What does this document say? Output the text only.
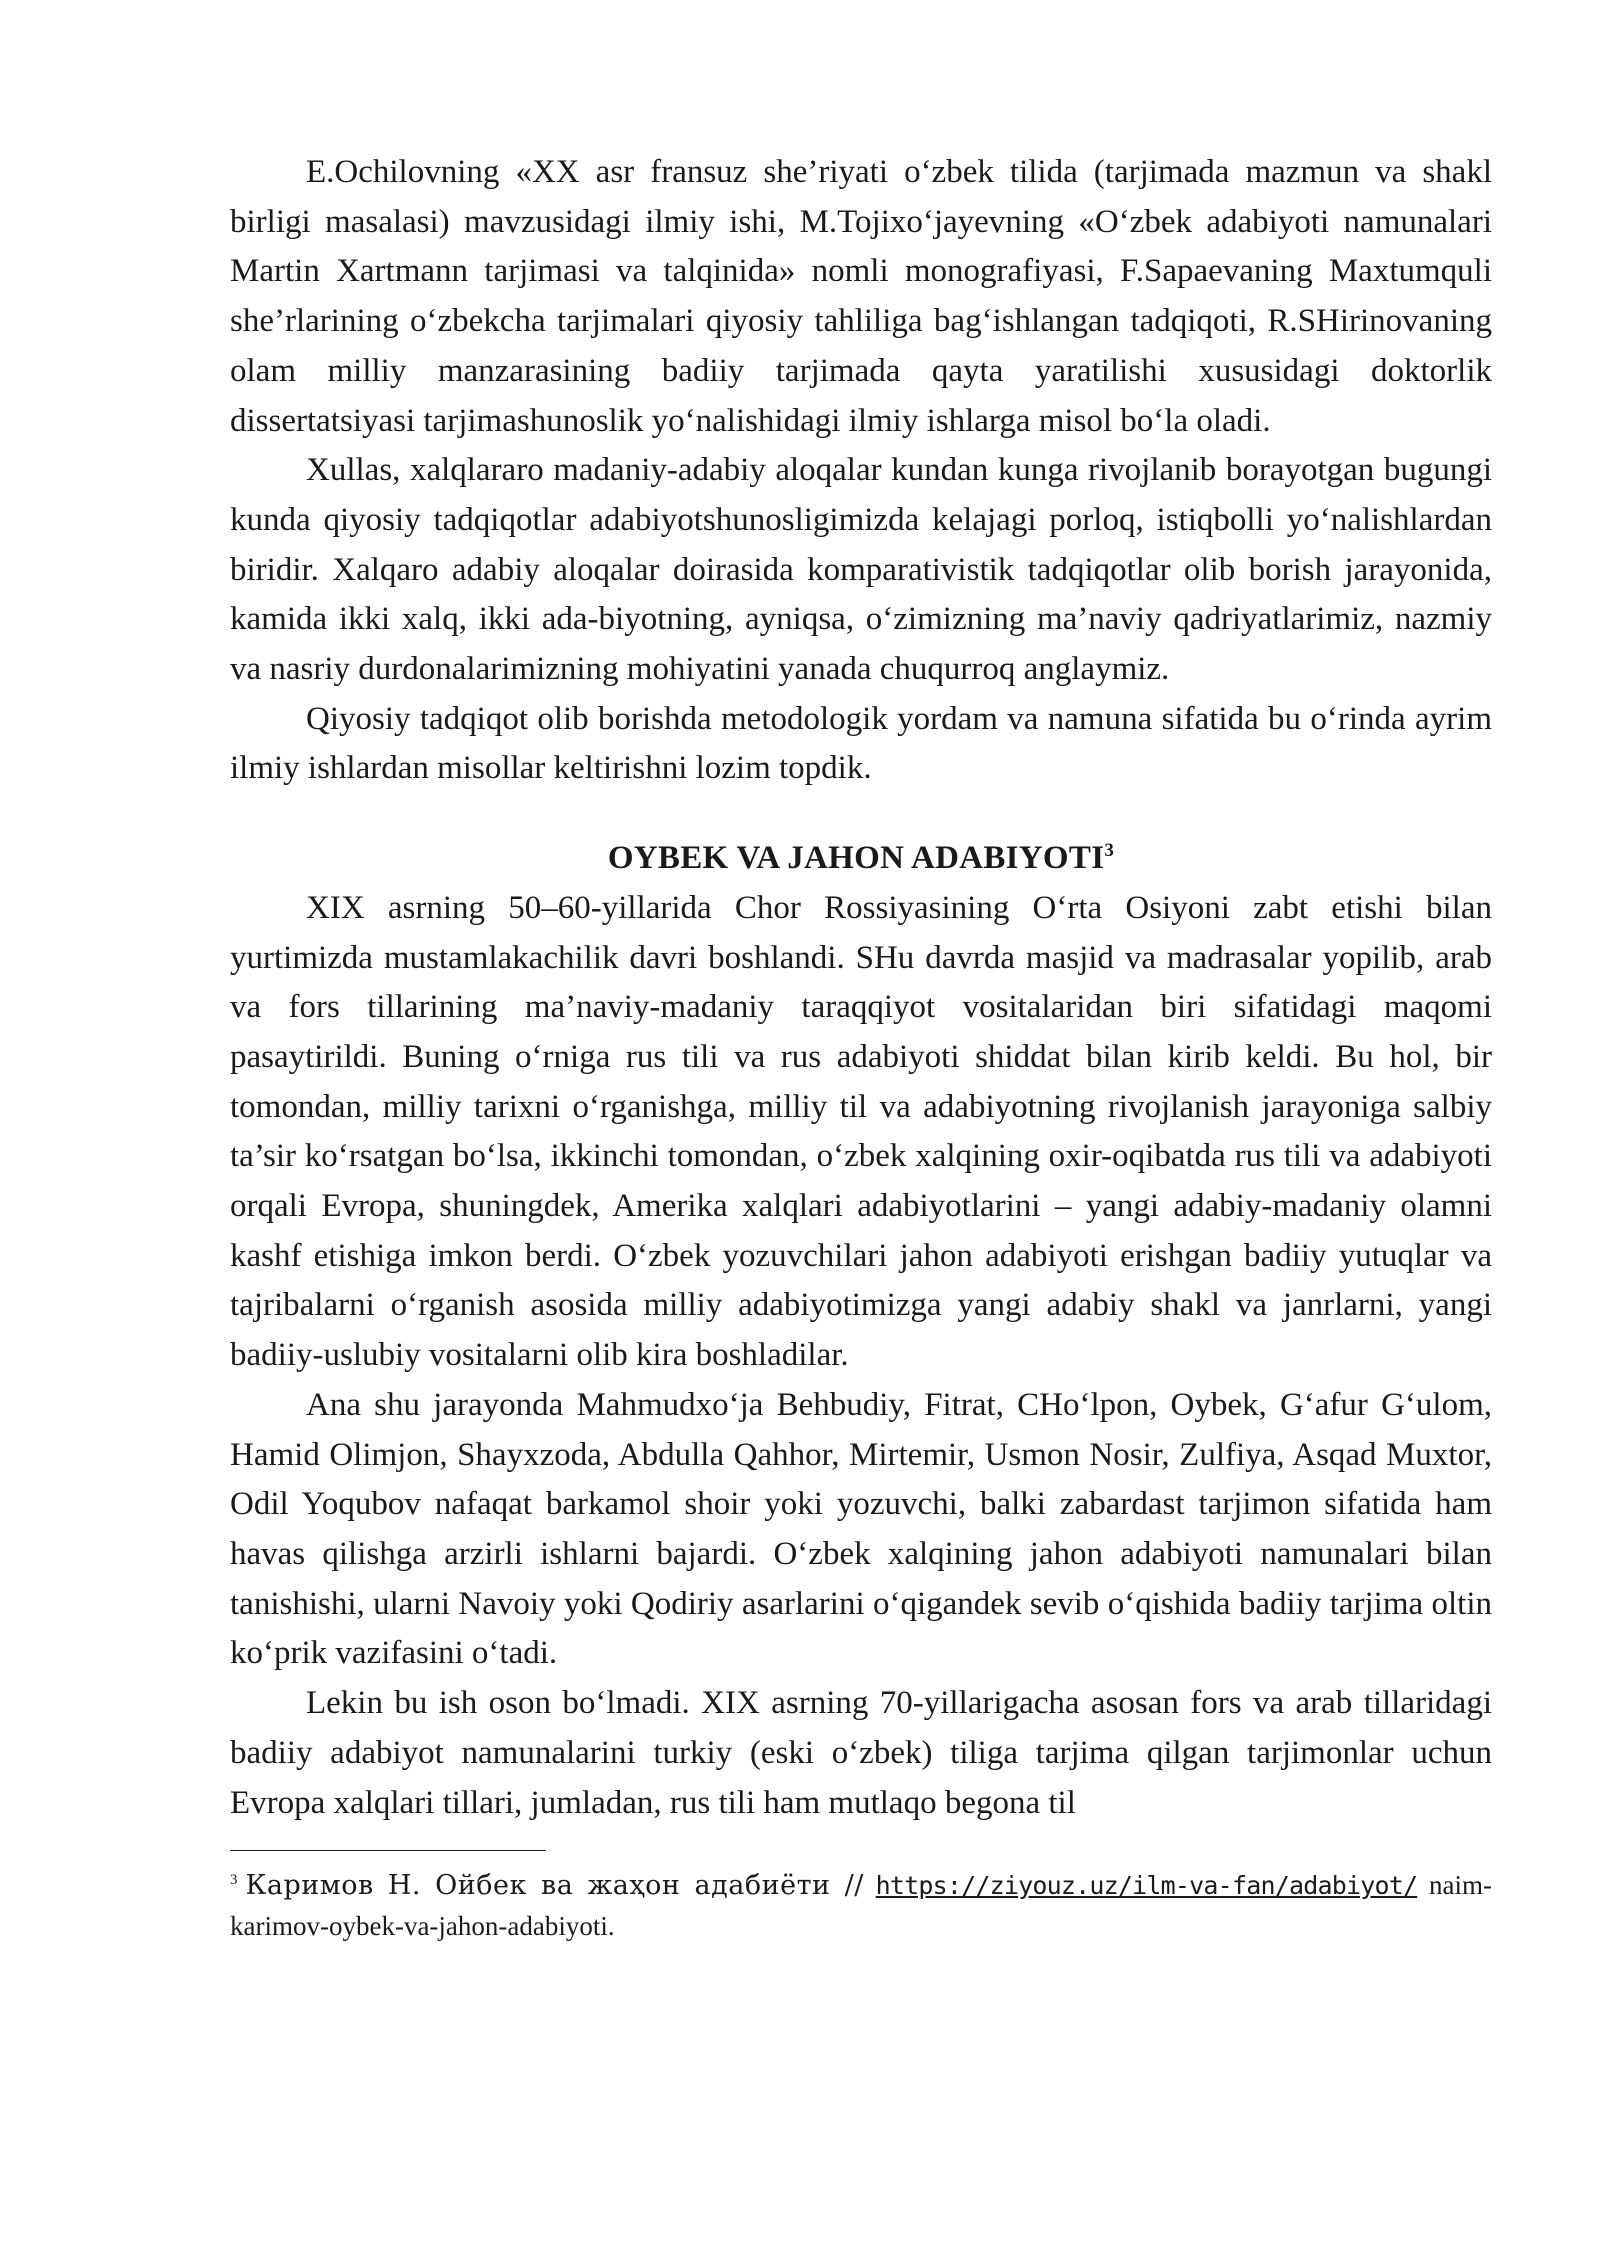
E.Ochilovning «XX asr fransuz she’riyati o‘zbek tilida (tarjimada mazmun va shakl birligi masalasi) mavzusidagi ilmiy ishi, M.Tojixo‘jayevning «O‘zbek adabiyoti namunalari Martin Xartmann tarjimasi va talqinida» nomli monografiyasi, F.Sapaevaning Maxtumquli she’rlarining o‘zbekcha tarjimalari qiyosiy tahliliga bag‘ishlangan tadqiqoti, R.SHirinovaning olam milliy manzarasining badiiy tarjimada qayta yaratilishi xususidagi doktorlik dissertatsiyasi tarjimashunoslik yo‘nalishidagi ilmiy ishlarga misol bo‘la oladi.

Xullas, xalqlararo madaniy-adabiy aloqalar kundan kunga rivojlanib borayotgan bugungi kunda qiyosiy tadqiqotlar adabiyotshunosligimizda kelajagi porloq, istiqbolli yo‘nalishlardan biridir. Xalqaro adabiy aloqalar doirasida komparativistik tadqiqotlar olib borish jarayonida, kamida ikki xalq, ikki ada-biyotning, ayniqsa, o‘zimizning ma’naviy qadriyatlarimiz, nazmiy va nasriy durdonalarimizning mohiyatini yanada chuqurroq anglaymiz.

Qiyosiy tadqiqot olib borishda metodologik yordam va namuna sifatida bu o‘rinda ayrim ilmiy ishlardan misollar keltirishni lozim topdik.

OYBEK VA JAHON ADABIYOTI$^3$

XIX asrning 50–60-yillarida Chor Rossiyasining O‘rta Osiyoni zabt etishi bilan yurtimizda mustamlakachilik davri boshlandi. SHu davrda masjid va madrasalar yopilib, arab va fors tillarining ma’naviy-madaniy taraqqiyot vositalaridan biri sifatidagi maqomi pasaytirildi. Buning o‘rniga rus tili va rus adabiyoti shiddat bilan kirib keldi. Bu hol, bir tomondan, milliy tarixni o‘rganishga, milliy til va adabiyotning rivojlanish jarayoniga salbiy ta’sir ko‘rsatgan bo‘lsa, ikkinchi tomondan, o‘zbek xalqining oxir-oqibatda rus tili va adabiyoti orqali Evropa, shuningdek, Amerika xalqlari adabiyotlarini – yangi adabiy-madaniy olamni kashf etishiga imkon berdi. O‘zbek yozuvchilari jahon adabiyoti erishgan badiiy yutuqlar va tajribalarni o‘rganish asosida milliy adabiyotimizga yangi adabiy shakl va janrlarni, yangi badiiy-uslubiy vositalarni olib kira boshladilar.

Ana shu jarayonda Mahmudxo‘ja Behbudiy, Fitrat, CHo‘lpon, Oybek, G‘afur G‘ulom, Hamid Olimjon, Shayxzoda, Abdulla Qahhor, Mirtemir, Usmon Nosir, Zulfiya, Asqad Muxtor, Odil Yoqubov nafaqat barkamol shoir yoki yozuvchi, balki zabardast tarjimon sifatida ham havas qilishga arzirli ishlarni bajardi. O‘zbek xalqining jahon adabiyoti namunalari bilan tanishishi, ularni Navoiy yoki Qodiriy asarlarini o‘qigandek sevib o‘qishida badiiy tarjima oltin ko‘prik vazifasini o‘tadi.

Lekin bu ish oson bo‘lmadi. XIX asrning 70-yillarigacha asosan fors va arab tillaridagi badiiy adabiyot namunalarini turkiy (eski o‘zbek) tiliga tarjima qilgan tarjimonlar uchun Evropa xalqlari tillari, jumladan, rus tili ham mutlaqo begona til

$^3$ Каримов Н. Ойбек ва жаҳон адабиёти // https://ziyouz.uz/ilm-va-fan/adabiyot/ naim-karimov-oybek-va-jahon-adabiyoti.
